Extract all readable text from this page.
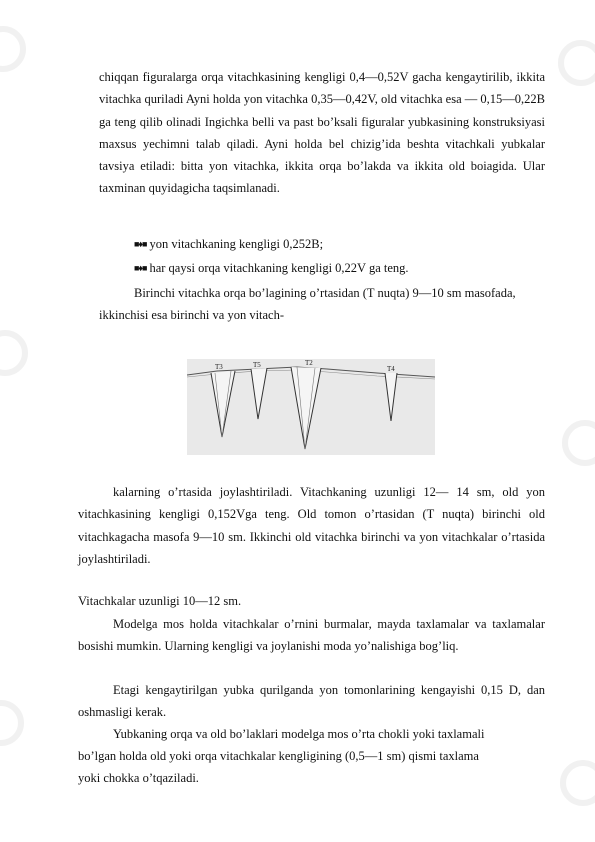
chiqqan figuralarga orqa vitachkasining kengligi 0,4—0,52V gacha kengaytirilib, ikkita vitachka quriladi Ayni holda yon vitachka 0,35—0,42V, old vitachka esa — 0,15—0,22B ga teng qilib olinadi Ingichka belli va past bo’ksali figuralar yubkasining konstruksiyasi maxsus yechimni talab qiladi. Ayni holda bel chizig’ida beshta vitachkali yubkalar tavsiya etiladi: bitta yon vitachka, ikkita orqa bo’lakda va ikkita old boiagida. Ular taxminan quyidagicha taqsimlanadi.

■♦■ yon vitachkaning kengligi 0,252B;
■♦■ har qaysi orqa vitachkaning kengligi 0,22V ga teng.

Birinchi vitachka orqa bo’lagining o’rtasidan (T nuqta) 9—10 sm masofada, ikkinchisi esa birinchi va yon vitach-

T3	T5	T2
T4

kalarning o’rtasida joylashtiriladi. Vitachkaning uzunligi 12— 14 sm, old yon vitachkasining kengligi 0,152Vga teng. Old tomon o’rtasidan (T nuqta) birinchi old vitachkagacha masofa 9—10 sm. Ikkinchi old vitachka birinchi va yon vitachkalar o’rtasida joylashtiriladi.

Vitachkalar uzunligi 10—12 sm.

Modelga mos holda vitachkalar o’rnini burmalar, mayda taxlamalar va taxlamalar bosishi mumkin. Ularning kengligi va joylanishi moda yo’nalishiga bog’liq.

Etagi kengaytirilgan yubka qurilganda yon tomonlarining kengayishi 0,15 D, dan oshmasligi kerak.

Yubkaning orqa va old bo’laklari modelga mos o’rta chokli yoki taxlamali
bo’lgan holda old yoki orqa vitachkalar kengligining (0,5—1 sm) qismi taxlama
yoki chokka o’tqaziladi.
